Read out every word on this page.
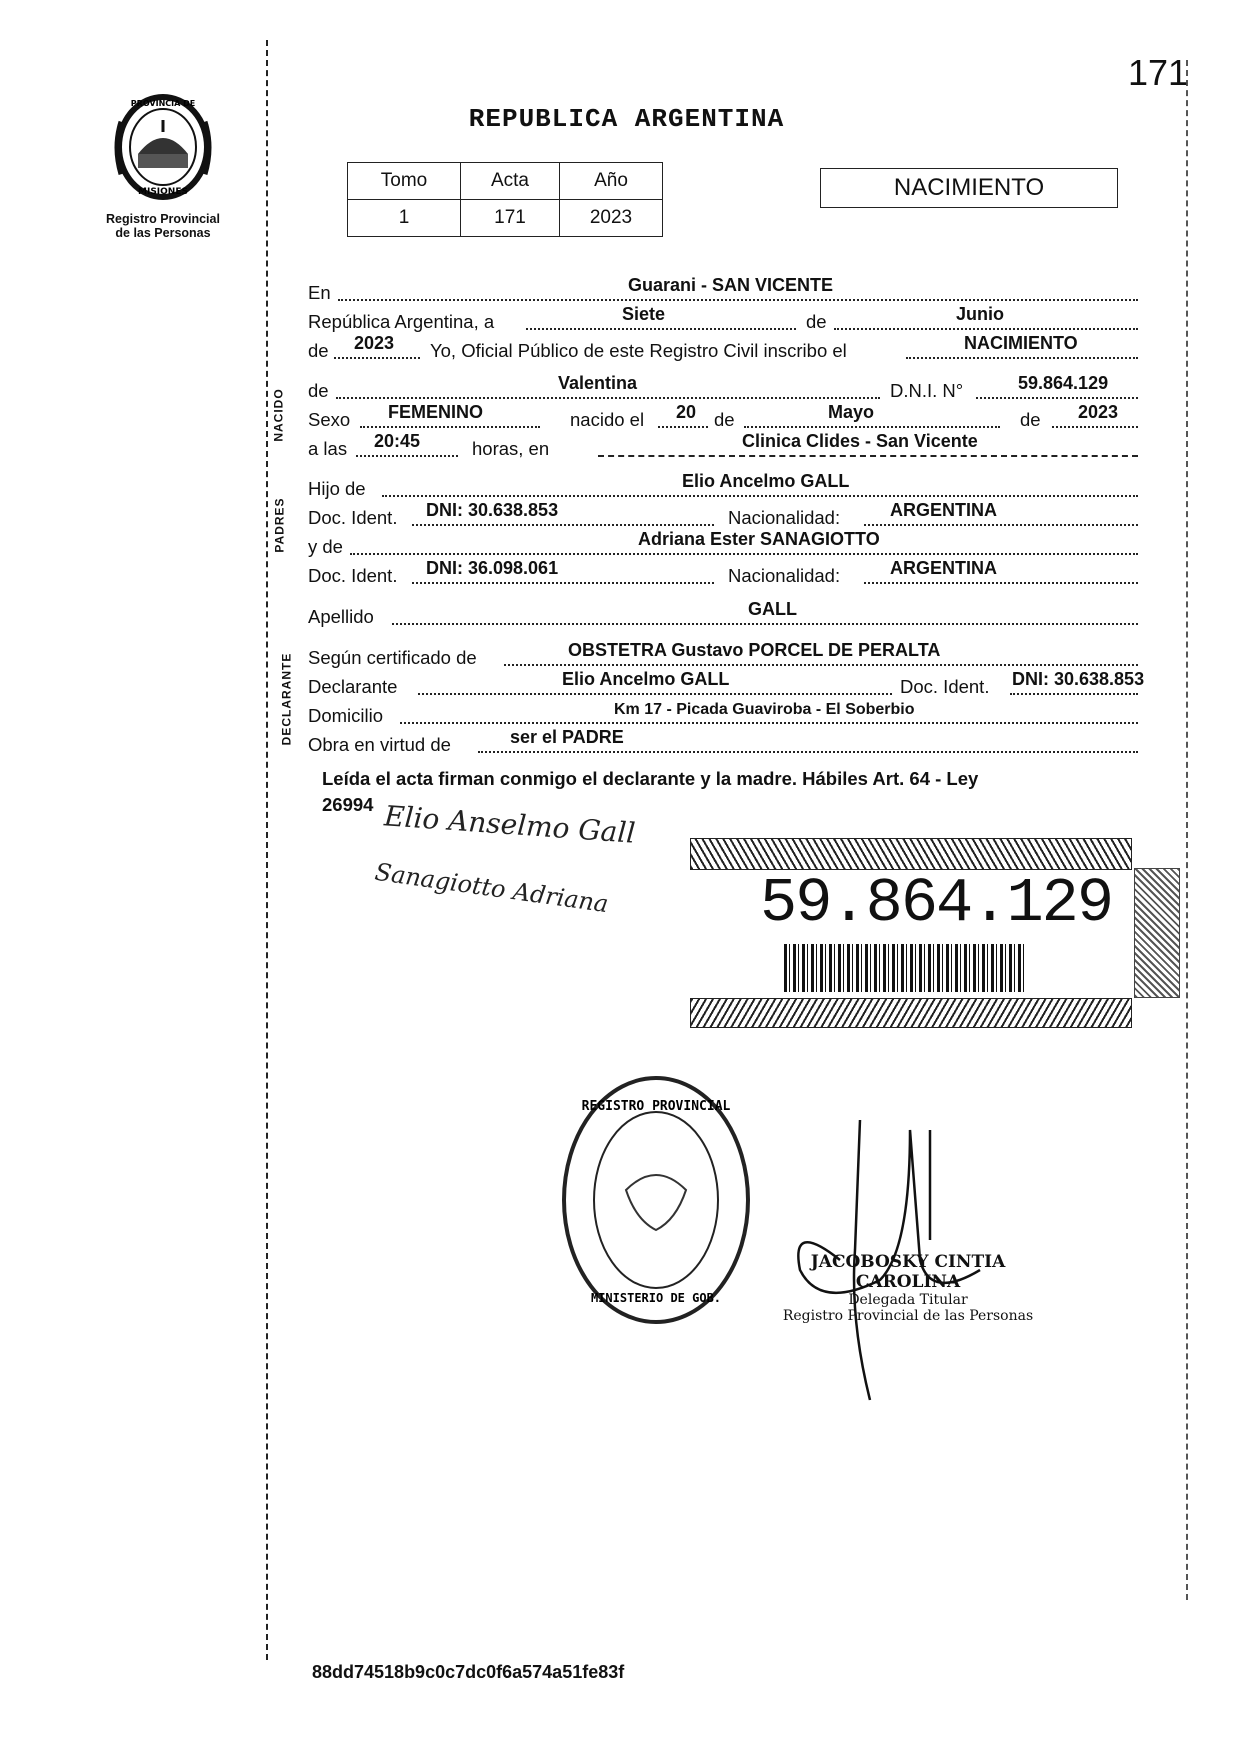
171
REPUBLICA ARGENTINA
PROVINCIA DE
MISIONES
Registro Provincial
de las Personas
Tomo	Acta	Año
1	171	2023
NACIMIENTO
NACIDO
PADRES
DECLARANTE
En	Guarani - SAN VICENTE
República Argentina, a	Siete	de	Junio
de 2023 Yo, Oficial Público de este Registro Civil inscribo el	NACIMIENTO
de	Valentina	D.N.I. N°	59.864.129
Sexo FEMENINO	nacido el 20 de	Mayo	de 2023
a las 20:45	horas, en	Clinica Clides - San Vicente
Hijo de	Elio Ancelmo GALL
Doc. Ident. DNI: 30.638.853	Nacionalidad:	ARGENTINA
y de	Adriana Ester SANAGIOTTO
Doc. Ident. DNI: 36.098.061	Nacionalidad:	ARGENTINA
Apellido	GALL
Según certificado de	OBSTETRA Gustavo PORCEL DE PERALTA
Declarante	Elio Ancelmo GALL	Doc. Ident. DNI: 30.638.853
Domicilio	Km 17 - Picada Guaviroba - El Soberbio
Obra en virtud de	ser el PADRE
Leída el acta firman conmigo el declarante y la madre. Hábiles Art. 64 - Ley
26994 Elio Anselmo Gall
Sanagiotto Adriana 59.864.129
REGISTRO PROVINCIAL
MINISTERIO DE GOB.
JACOBOSKY CINTIA CAROLINA
Delegada Titular
Registro Provincial de las Personas
88dd74518b9c0c7dc0f6a574a51fe83f
